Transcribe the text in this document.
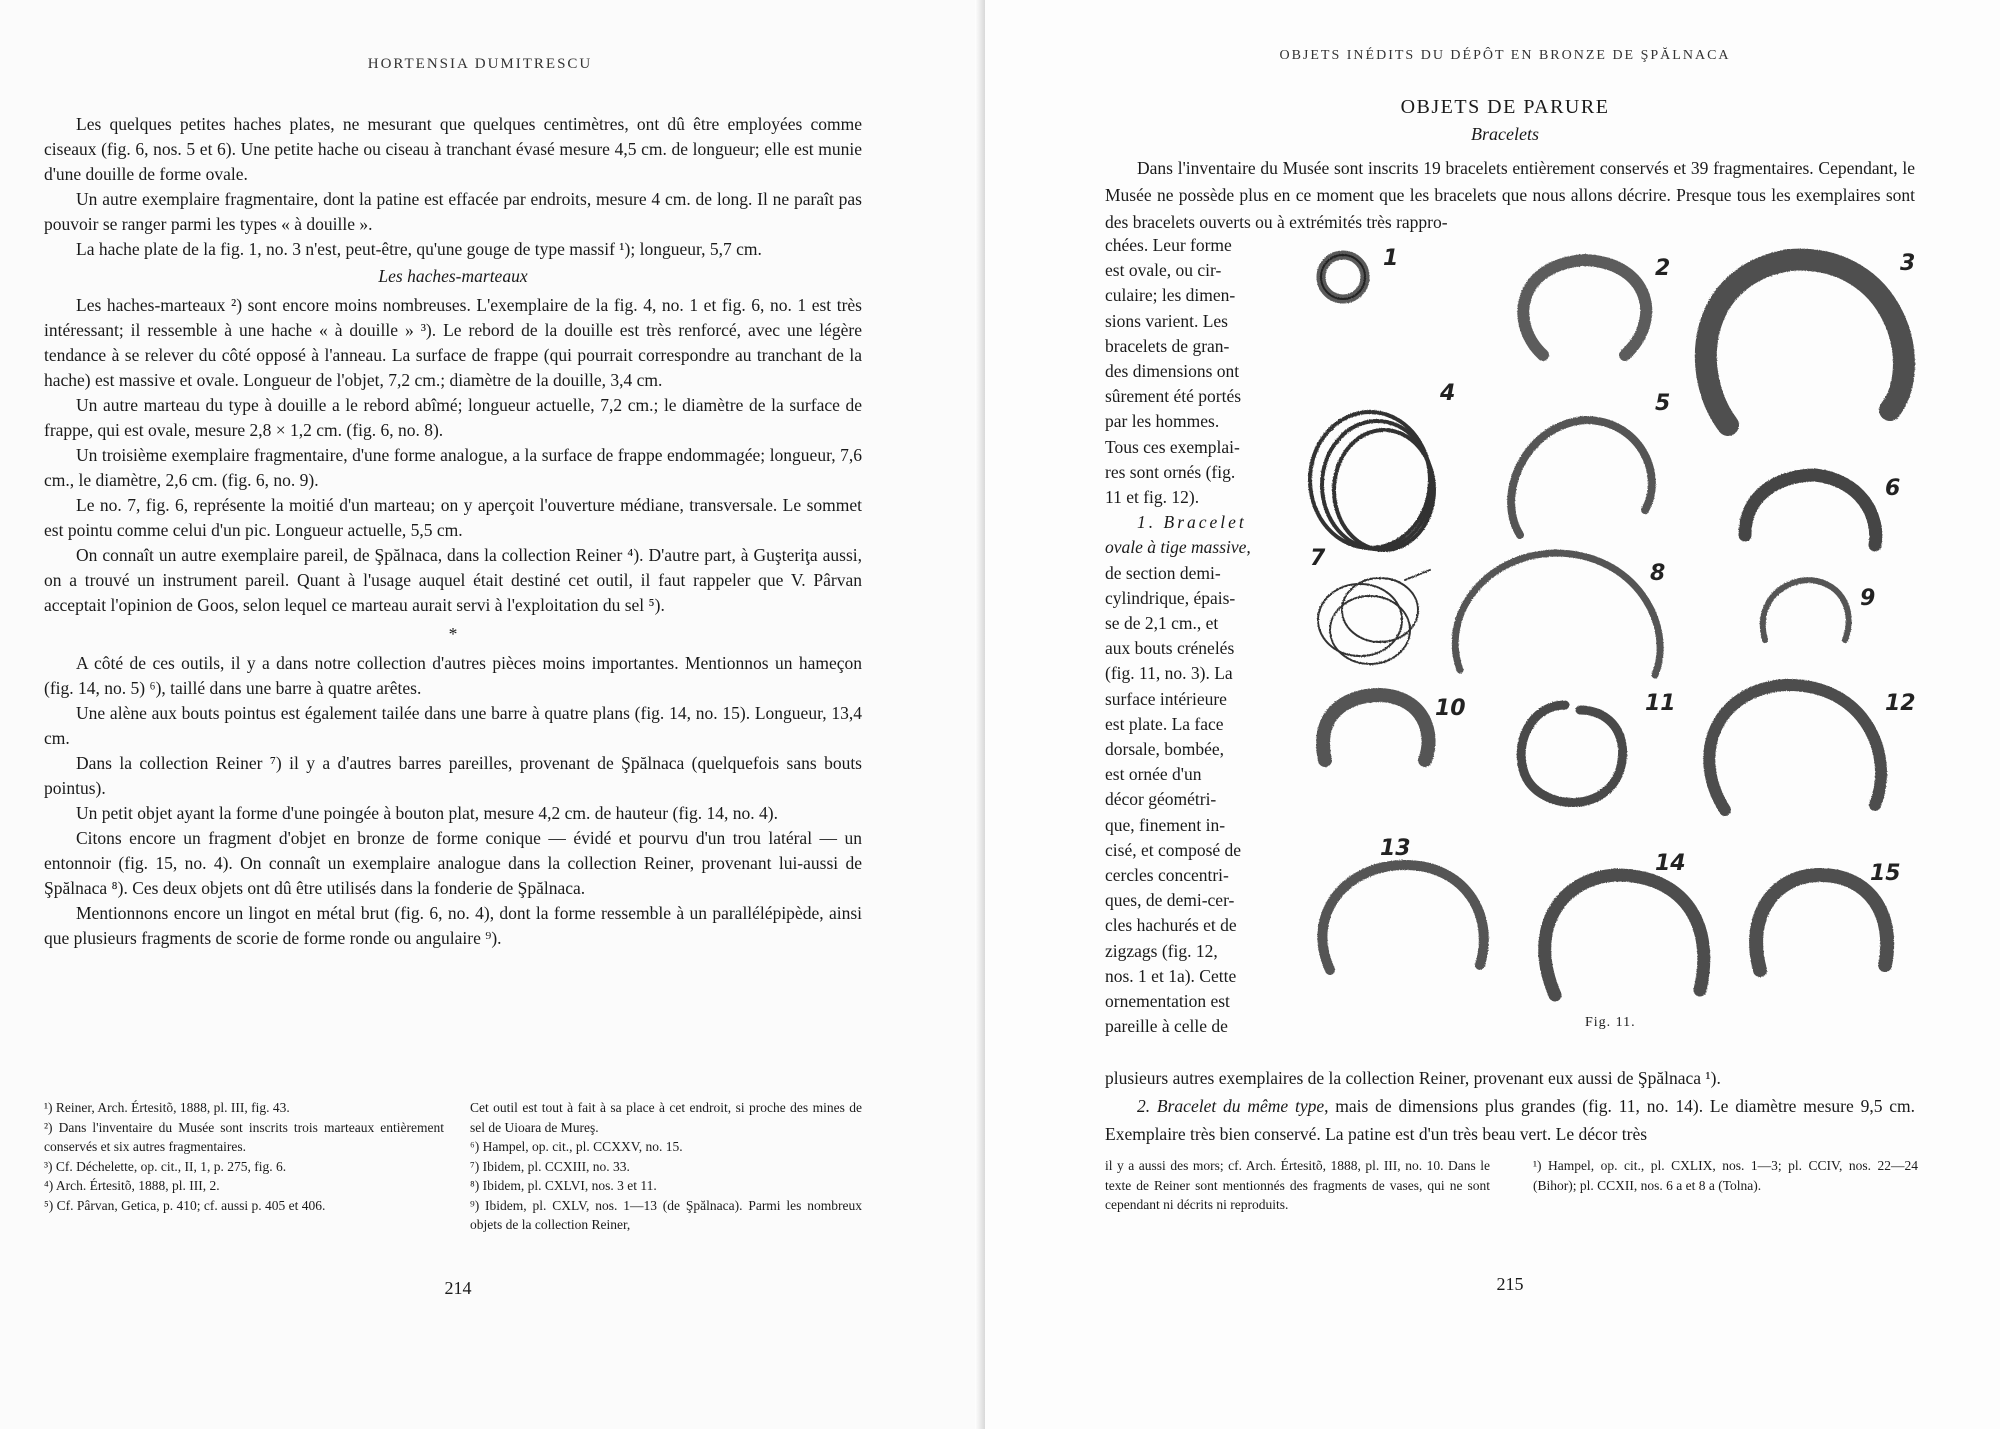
HORTENSIA DUMITRESCU

Les quelques petites haches plates, ne mesurant que quelques centimètres, ont dû être employées comme ciseaux (fig. 6, nos. 5 et 6). Une petite hache ou ciseau à tranchant évasé mesure 4,5 cm. de longueur; elle est munie d'une douille de forme ovale.

Un autre exemplaire fragmentaire, dont la patine est effacée par endroits, mesure 4 cm. de long. Il ne paraît pas pouvoir se ranger parmi les types « à douille ».

La hache plate de la fig. 1, no. 3 n'est, peut-être, qu'une gouge de type massif ¹); longueur, 5,7 cm.

Les haches-marteaux

Les haches-marteaux ²) sont encore moins nombreuses. L'exemplaire de la fig. 4, no. 1 et fig. 6, no. 1 est très intéressant; il ressemble à une hache « à douille » ³). Le rebord de la douille est très renforcé, avec une légère tendance à se relever du côté opposé à l'anneau. La surface de frappe (qui pourrait correspondre au tranchant de la hache) est massive et ovale. Longueur de l'objet, 7,2 cm.; diamètre de la douille, 3,4 cm.

Un autre marteau du type à douille a le rebord abîmé; longueur actuelle, 7,2 cm.; le diamètre de la surface de frappe, qui est ovale, mesure 2,8 × 1,2 cm. (fig. 6, no. 8).

Un troisième exemplaire fragmentaire, d'une forme analogue, a la surface de frappe endommagée; longueur, 7,6 cm., le diamètre, 2,6 cm. (fig. 6, no. 9).

Le no. 7, fig. 6, représente la moitié d'un marteau; on y aperçoit l'ouverture médiane, transversale. Le sommet est pointu comme celui d'un pic. Longueur actuelle, 5,5 cm.

On connaît un autre exemplaire pareil, de Şpălnaca, dans la collection Reiner ⁴). D'autre part, à Guşteriţa aussi, on a trouvé un instrument pareil. Quant à l'usage auquel était destiné cet outil, il faut rappeler que V. Pârvan acceptait l'opinion de Goos, selon lequel ce marteau aurait servi à l'exploitation du sel ⁵).

*

A côté de ces outils, il y a dans notre collection d'autres pièces moins importantes. Mentionnos un hameçon (fig. 14, no. 5) ⁶), taillé dans une barre à quatre arêtes.

Une alène aux bouts pointus est également tailée dans une barre à quatre plans (fig. 14, no. 15). Longueur, 13,4 cm.

Dans la collection Reiner ⁷) il y a d'autres barres pareilles, provenant de Şpălnaca (quelquefois sans bouts pointus).

Un petit objet ayant la forme d'une poingée à bouton plat, mesure 4,2 cm. de hauteur (fig. 14, no. 4).

Citons encore un fragment d'objet en bronze de forme conique — évidé et pourvu d'un trou latéral — un entonnoir (fig. 15, no. 4). On connaît un exemplaire analogue dans la collection Reiner, provenant lui-aussi de Şpălnaca ⁸). Ces deux objets ont dû être utilisés dans la fonderie de Şpălnaca.

Mentionnons encore un lingot en métal brut (fig. 6, no. 4), dont la forme ressemble à un parallélépipède, ainsi que plusieurs fragments de scorie de forme ronde ou angulaire ⁹).

¹) Reiner, Arch. Értesitõ, 1888, pl. III, fig. 43.

²) Dans l'inventaire du Musée sont inscrits trois marteaux entièrement conservés et six autres fragmentaires.

³) Cf. Déchelette, op. cit., II, 1, p. 275, fig. 6.

⁴) Arch. Értesitõ, 1888, pl. III, 2.

⁵) Cf. Pârvan, Getica, p. 410; cf. aussi p. 405 et 406.

Cet outil est tout à fait à sa place à cet endroit, si proche des mines de sel de Uioara de Mureş.

⁶) Hampel, op. cit., pl. CCXXV, no. 15.

⁷) Ibidem, pl. CCXIII, no. 33.

⁸) Ibidem, pl. CXLVI, nos. 3 et 11.

⁹) Ibidem, pl. CXLV, nos. 1—13 (de Şpălnaca). Parmi les nombreux objets de la collection Reiner,

214
OBJETS INÉDITS DU DÉPÔT EN BRONZE DE ŞPĂLNACA
OBJETS DE PARURE
Bracelets

Dans l'inventaire du Musée sont inscrits 19 bracelets entièrement conservés et 39 fragmentaires. Cependant, le Musée ne possède plus en ce moment que les bracelets que nous allons décrire. Presque tous les exemplaires sont des bracelets ouverts ou à extrémités très rappro-

chées. Leur forme

est ovale, ou cir-

culaire; les dimen-

sions varient. Les

bracelets de gran-

des dimensions ont

sûrement été portés

par les hommes.

Tous ces exemplai-

res sont ornés (fig.

11 et fig. 12).

1. Bracelet

ovale à tige massive,

de section demi-

cylindrique, épais-

se de 2,1 cm., et

aux bouts crénelés

(fig. 11, no. 3). La

surface intérieure

est plate. La face

dorsale, bombée,

est ornée d'un

décor géométri-

que, finement in-

cisé, et composé de

cercles concentri-

ques, de demi-cer-

cles hachurés et de

zigzags (fig. 12,

nos. 1 et 1a). Cette

ornementation est

pareille à celle de

1	2	3
4	5
6
7
8
9
10	11	12
13
14	15
Fig. 11.

plusieurs autres exemplaires de la collection Reiner, provenant eux aussi de Şpălnaca ¹).

2. Bracelet du même type, mais de dimensions plus grandes (fig. 11, no. 14). Le diamètre mesure 9,5 cm. Exemplaire très bien conservé. La patine est d'un très beau vert. Le décor très

il y a aussi des mors; cf. Arch. Értesitõ, 1888, pl. III, no. 10. Dans le texte de Reiner sont mentionnés des fragments de vases, qui ne sont cependant ni décrits ni reproduits.

¹) Hampel, op. cit., pl. CXLIX, nos. 1—3; pl. CCIV, nos. 22—24 (Bihor); pl. CCXII, nos. 6 a et 8 a (Tolna).

215
